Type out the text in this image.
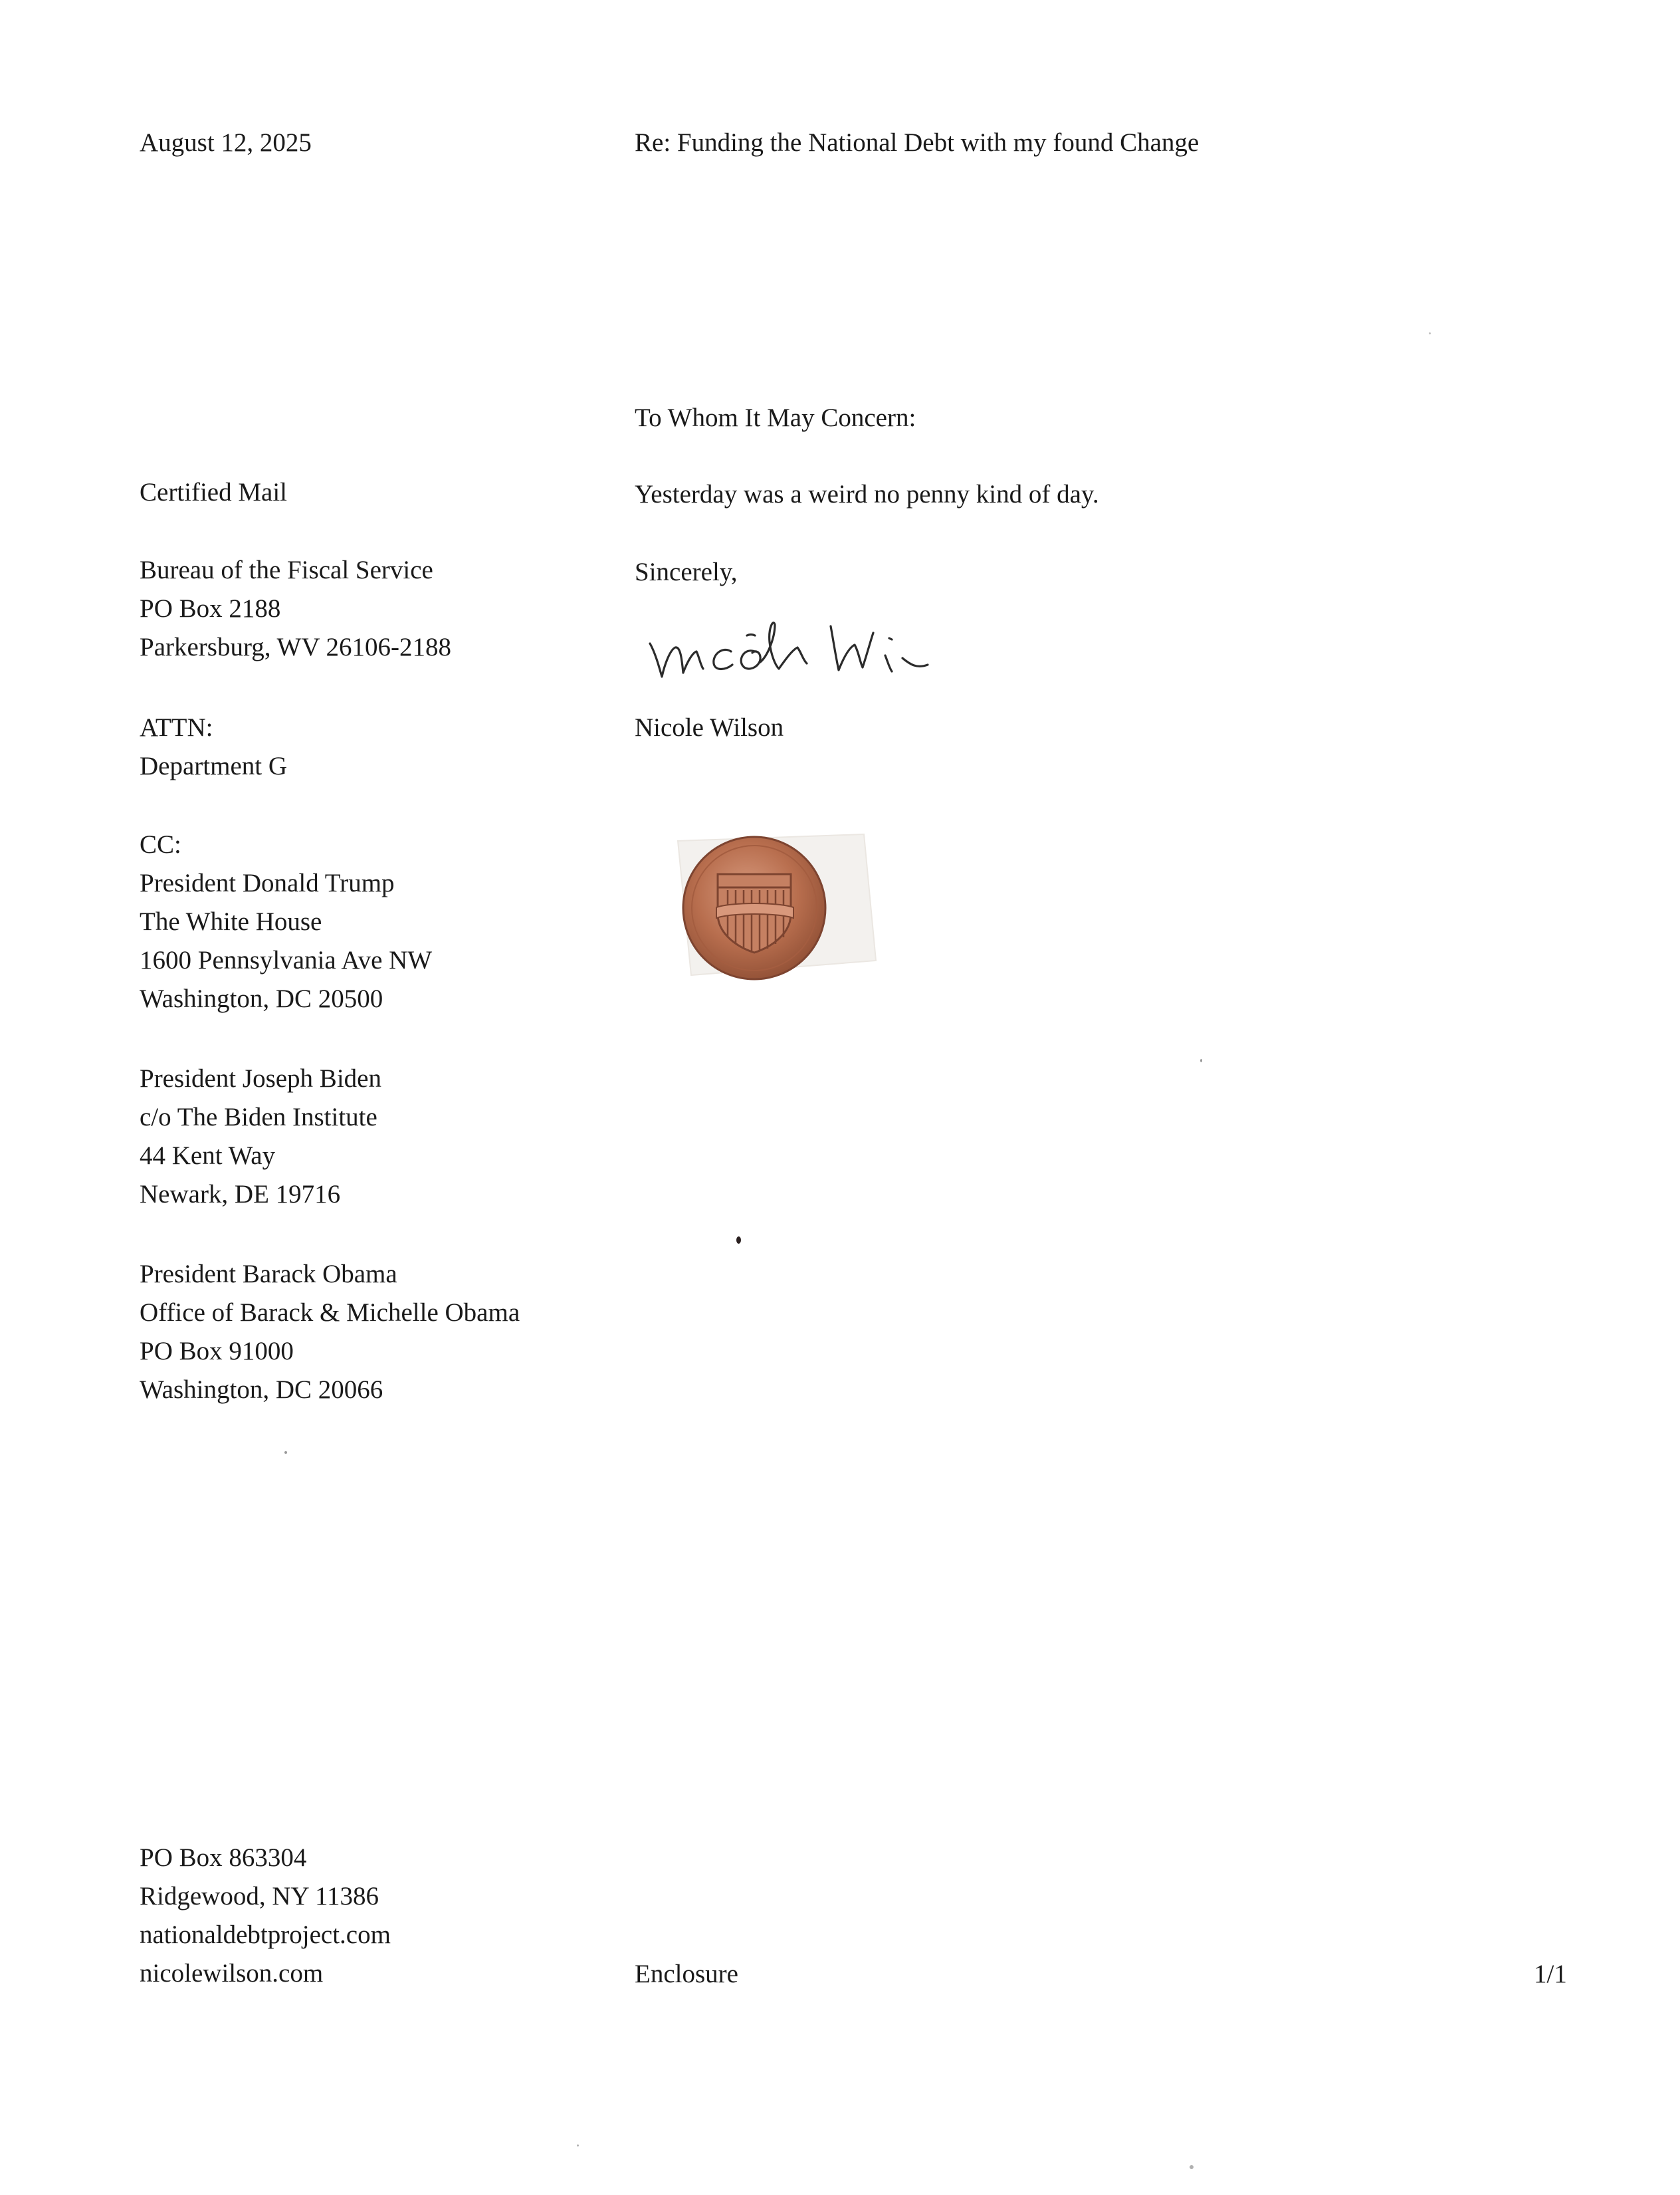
August 12, 2025	Re: Funding the National Debt with my found Change
To Whom It May Concern:
Yesterday was a weird no penny kind of day.
Sincerely,
Nicole Wilson
Certified Mail
Bureau of the Fiscal Service
PO Box 2188
Parkersburg, WV 26106-2188
ATTN:
Department G
CC:
President Donald Trump
The White House
1600 Pennsylvania Ave NW
Washington, DC 20500
President Joseph Biden
c/o The Biden Institute
44 Kent Way
Newark, DE 19716
President Barack Obama
Office of Barack & Michelle Obama
PO Box 91000
Washington, DC 20066
PO Box 863304
Ridgewood, NY 11386
nationaldebtproject.com
nicolewilson.com	Enclosure	1/1
